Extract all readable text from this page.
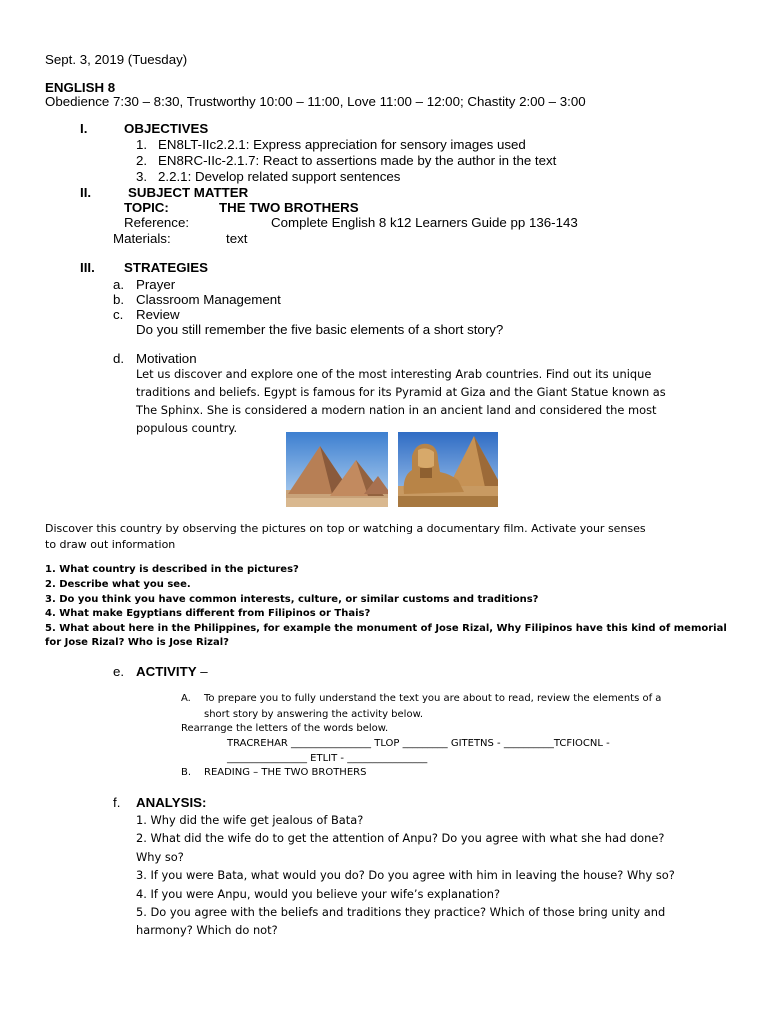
Sept. 3, 2019 (Tuesday)
ENGLISH 8
Obedience 7:30 – 8:30, Trustworthy 10:00 – 11:00, Love 11:00 – 12:00; Chastity 2:00 – 3:00
I.	OBJECTIVES
1. EN8LT-IIc2.2.1: Express appreciation for sensory images used
2. EN8RC-IIc-2.1.7: React to assertions made by the author in the text
3. 2.2.1: Develop related support sentences
II.	SUBJECT MATTER
TOPIC:	THE TWO BROTHERS
Reference:	Complete English 8 k12 Learners Guide pp 136-143
Materials:	text
III. STRATEGIES
a. Prayer
b. Classroom Management
c. Review
Do you still remember the five basic elements of a short story?
d. Motivation
Let us discover and explore one of the most interesting Arab countries. Find out its unique
traditions and beliefs. Egypt is famous for its Pyramid at Giza and the Giant Statue known as
The Sphinx. She is considered a modern nation in an ancient land and considered the most
populous country.
Discover this country by observing the pictures on top or watching a documentary film. Activate your senses
to draw out information
1. What country is described in the pictures?
2. Describe what you see.
3. Do you think you have common interests, culture, or similar customs and traditions?
4. What make Egyptians different from Filipinos or Thais?
5. What about here in the Philippines, for example the monument of Jose Rizal, Why Filipinos have this kind of memorial
for Jose Rizal? Who is Jose Rizal?
e. ACTIVITY –
A. To prepare you to fully understand the text you are about to read, review the elements of a
short story by answering the activity below.
Rearrange the letters of the words below.
TRACREHAR ________________ TLOP _________ GITETNS - __________TCFIOCNL -
________________ ETLIT - ________________
B. READING – THE TWO BROTHERS
f. ANALYSIS:
1. Why did the wife get jealous of Bata?
2. What did the wife do to get the attention of Anpu? Do you agree with what she had done?
Why so?
3. If you were Bata, what would you do? Do you agree with him in leaving the house? Why so?
4. If you were Anpu, would you believe your wife’s explanation?
5. Do you agree with the beliefs and traditions they practice? Which of those bring unity and
harmony? Which do not?
